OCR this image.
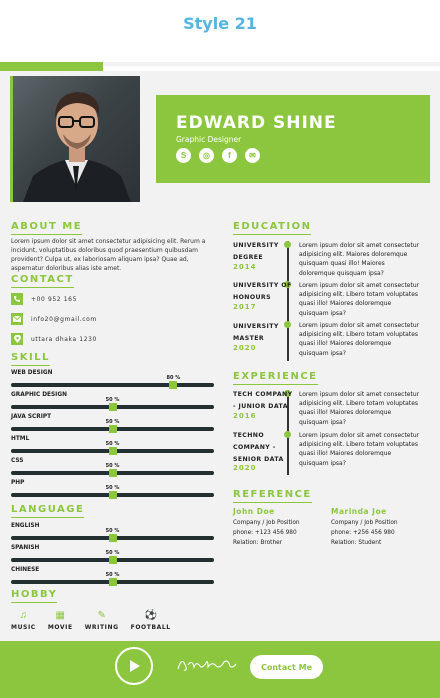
Style 21
EDWARD SHINE
Graphic Designer
S	◎	f	✉
ABOUT ME
Lorem ipsum dolor sit amet consectetur adipisicing elit. Rerum a incidunt, voluptatibus doloribus quod praesentium quibusdam provident? Culpa ut, ex laboriosam aliquam ipsa? Quae ad, aspernatur doloribus alias iste amet.
CONTACT
+00 952 165
info20@gmail.com
uttara dhaka 1230
SKILL
WEB DESIGN
80 %
GRAPHIC DESIGN
50 %
JAVA SCRIPT
50 %
HTML
50 %
CSS
50 %
PHP
50 %
LANGUAGE
ENGLISH
50 %
SPANISH
50 %
CHINESE
50 %
HOBBY
♫
MUSIC
▦
MOVIE
✎
WRITING
⚽
FOOTBALL
EDUCATION
UNIVERSITY
DEGREE
2014
Lorem ipsum dolor sit amet consectetur adipisicing elit. Maiores doloremque quisquam quasi illo! Maiores doloremque quisquam ipsa?
UNIVERSITY OF
HONOURS
2017
Lorem ipsum dolor sit amet consectetur adipisicing elit. Libero totam voluptates quasi illo! Maiores doloremque quisquam ipsa?
UNIVERSITY
MASTER
2020
Lorem ipsum dolor sit amet consectetur adipisicing elit. Libero totam voluptates quasi illo! Maiores doloremque quisquam ipsa?
EXPERIENCE
TECH COMPANY
- JUNIOR DATA
2016
Lorem ipsum dolor sit amet consectetur adipisicing elit. Libero totam voluptates quasi illo! Maiores doloremque quisquam ipsa?
TECHNO
COMPANY -
SENIOR DATA
2020
Lorem ipsum dolor sit amet consectetur adipisicing elit. Libero totam voluptates quasi illo! Maiores doloremque quisquam ipsa?
REFERENCE
John Doe
Company / Job Position
phone: +123 456 980
Relation: Brother
Marinda Joe
Company / Job Position
phone: +256 456 980
Relation: Student
Contact Me
